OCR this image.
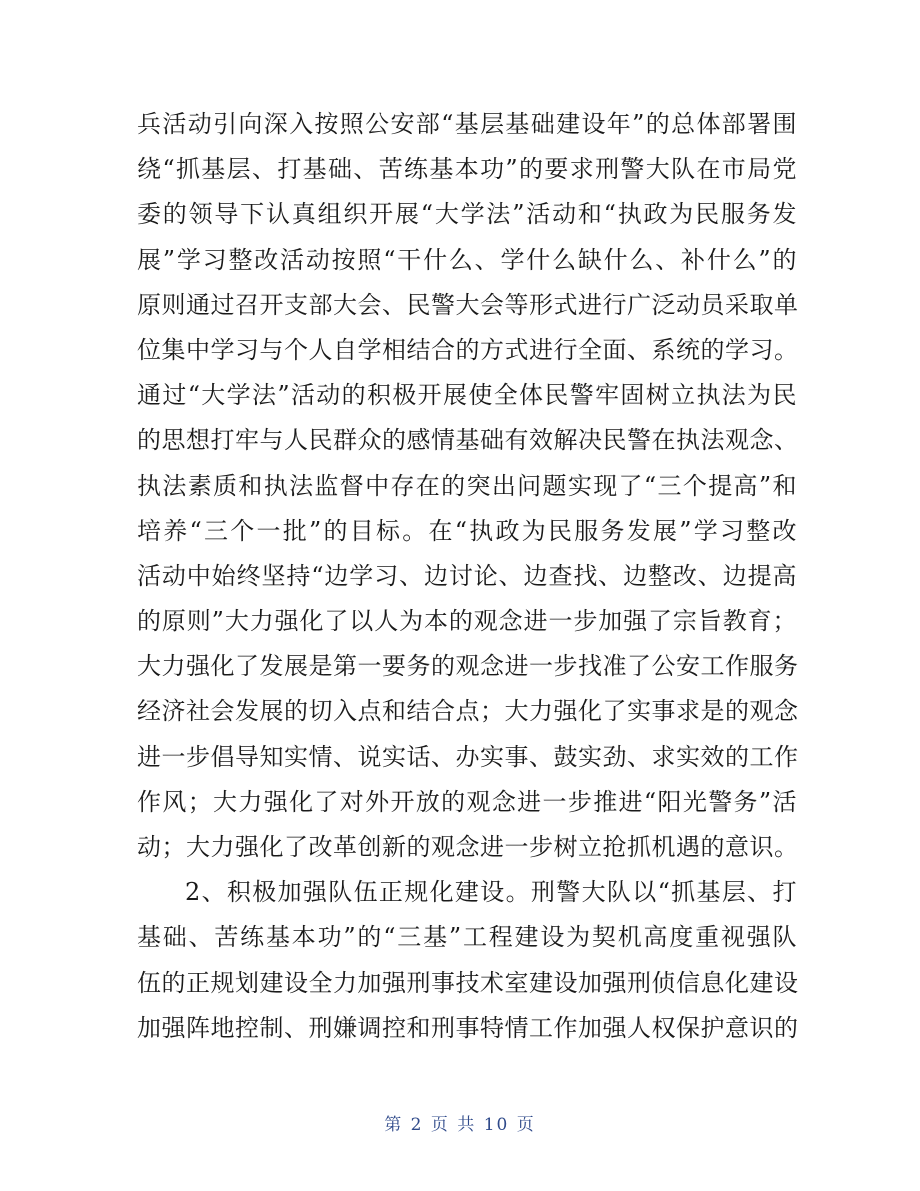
兵活动引向深入按照公安部“基层基础建设年”的总体部署围
绕“抓基层、打基础、苦练基本功”的要求刑警大队在市局党
委的领导下认真组织开展“大学法”活动和“执政为民服务发
展”学习整改活动按照“干什么、学什么缺什么、补什么”的
原则通过召开支部大会、民警大会等形式进行广泛动员采取单
位集中学习与个人自学相结合的方式进行全面、系统的学习。
通过“大学法”活动的积极开展使全体民警牢固树立执法为民
的思想打牢与人民群众的感情基础有效解决民警在执法观念、
执法素质和执法监督中存在的突出问题实现了“三个提高”和
培养“三个一批”的目标。在“执政为民服务发展”学习整改
活动中始终坚持“边学习、边讨论、边查找、边整改、边提高
的原则”大力强化了以人为本的观念进一步加强了宗旨教育；
大力强化了发展是第一要务的观念进一步找准了公安工作服务
经济社会发展的切入点和结合点；大力强化了实事求是的观念
进一步倡导知实情、说实话、办实事、鼓实劲、求实效的工作
作风；大力强化了对外开放的观念进一步推进“阳光警务”活
动；大力强化了改革创新的观念进一步树立抢抓机遇的意识。
2、积极加强队伍正规化建设。刑警大队以“抓基层、打
基础、苦练基本功”的“三基”工程建设为契机高度重视强队
伍的正规划建设全力加强刑事技术室建设加强刑侦信息化建设
加强阵地控制、刑嫌调控和刑事特情工作加强人权保护意识的
第 2 页 共 10 页
